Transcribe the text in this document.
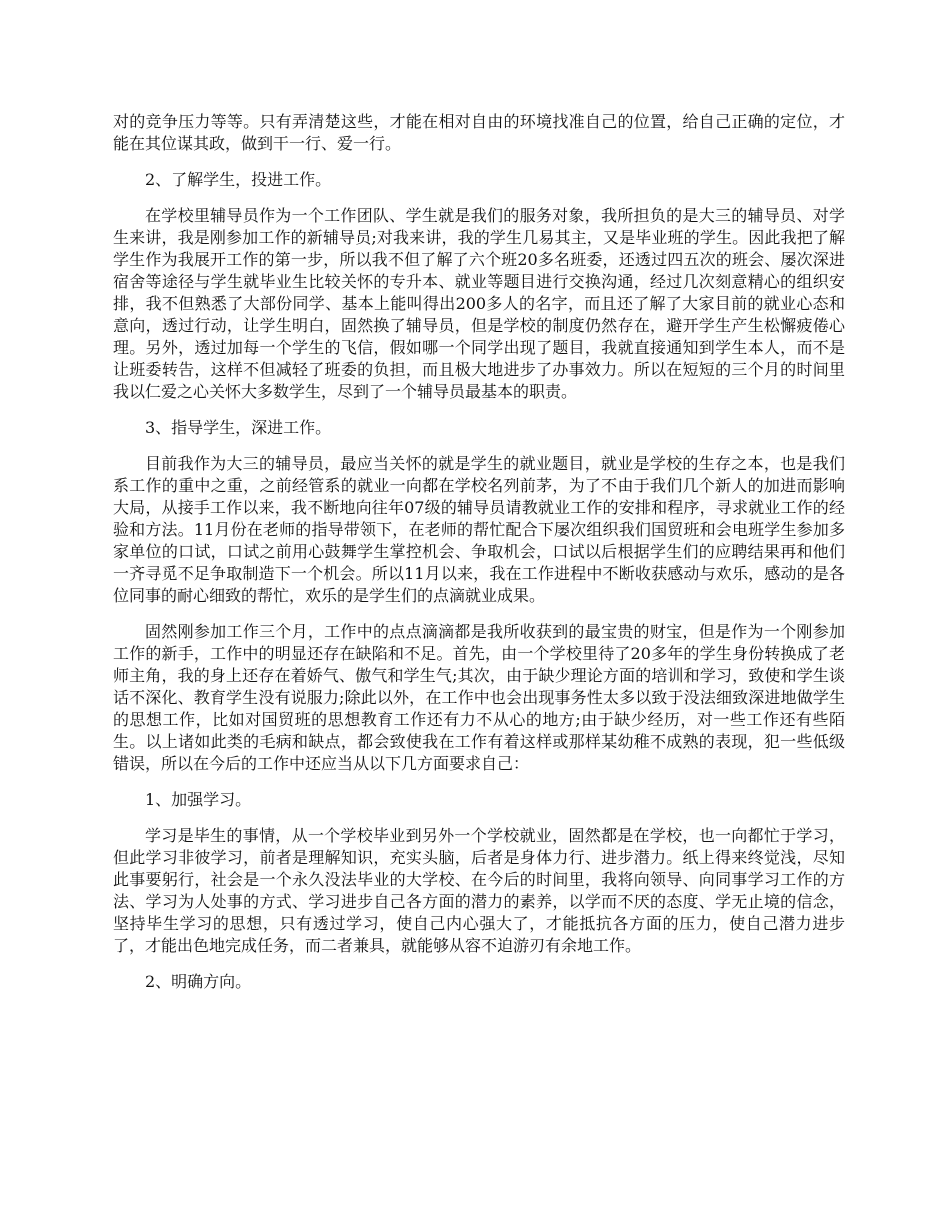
对的竞争压力等等。只有弄清楚这些，才能在相对自由的环境找准自己的位置，给自己正确的定位，才能在其位谋其政，做到干一行、爱一行。

2、了解学生，投进工作。

在学校里辅导员作为一个工作团队、学生就是我们的服务对象，我所担负的是大三的辅导员、对学生来讲，我是刚参加工作的新辅导员;对我来讲，我的学生几易其主，又是毕业班的学生。因此我把了解学生作为我展开工作的第一步，所以我不但了解了六个班20多名班委，还透过四五次的班会、屡次深进宿舍等途径与学生就毕业生比较关怀的专升本、就业等题目进行交换沟通，经过几次刻意精心的组织安排，我不但熟悉了大部份同学、基本上能叫得出200多人的名字，而且还了解了大家目前的就业心态和意向，透过行动，让学生明白，固然换了辅导员，但是学校的制度仍然存在，避开学生产生松懈疲倦心理。另外，透过加每一个学生的飞信，假如哪一个同学出现了题目，我就直接通知到学生本人，而不是让班委转告，这样不但减轻了班委的负担，而且极大地进步了办事效力。所以在短短的三个月的时间里我以仁爱之心关怀大多数学生，尽到了一个辅导员最基本的职责。

3、指导学生，深进工作。

目前我作为大三的辅导员，最应当关怀的就是学生的就业题目，就业是学校的生存之本，也是我们系工作的重中之重，之前经管系的就业一向都在学校名列前茅，为了不由于我们几个新人的加进而影响大局，从接手工作以来，我不断地向往年07级的辅导员请教就业工作的安排和程序，寻求就业工作的经验和方法。11月份在老师的指导带领下，在老师的帮忙配合下屡次组织我们国贸班和会电班学生参加多家单位的口试，口试之前用心鼓舞学生掌控机会、争取机会，口试以后根据学生们的应聘结果再和他们一齐寻觅不足争取制造下一个机会。所以11月以来，我在工作进程中不断收获感动与欢乐，感动的是各位同事的耐心细致的帮忙，欢乐的是学生们的点滴就业成果。

固然刚参加工作三个月，工作中的点点滴滴都是我所收获到的最宝贵的财宝，但是作为一个刚参加工作的新手，工作中的明显还存在缺陷和不足。首先，由一个学校里待了20多年的学生身份转换成了老师主角，我的身上还存在着娇气、傲气和学生气;其次，由于缺少理论方面的培训和学习，致使和学生谈话不深化、教育学生没有说服力;除此以外，在工作中也会出现事务性太多以致于没法细致深进地做学生的思想工作，比如对国贸班的思想教育工作还有力不从心的地方;由于缺少经历，对一些工作还有些陌生。以上诸如此类的毛病和缺点，都会致使我在工作有着这样或那样某幼稚不成熟的表现，犯一些低级错误，所以在今后的工作中还应当从以下几方面要求自己：

1、加强学习。

学习是毕生的事情，从一个学校毕业到另外一个学校就业，固然都是在学校，也一向都忙于学习，但此学习非彼学习，前者是理解知识，充实头脑，后者是身体力行、进步潜力。纸上得来终觉浅，尽知此事要躬行，社会是一个永久没法毕业的大学校、在今后的时间里，我将向领导、向同事学习工作的方法、学习为人处事的方式、学习进步自己各方面的潜力的素养，以学而不厌的态度、学无止境的信念，坚持毕生学习的思想，只有透过学习，使自己内心强大了，才能抵抗各方面的压力，使自己潜力进步了，才能出色地完成任务，而二者兼具，就能够从容不迫游刃有余地工作。

2、明确方向。
